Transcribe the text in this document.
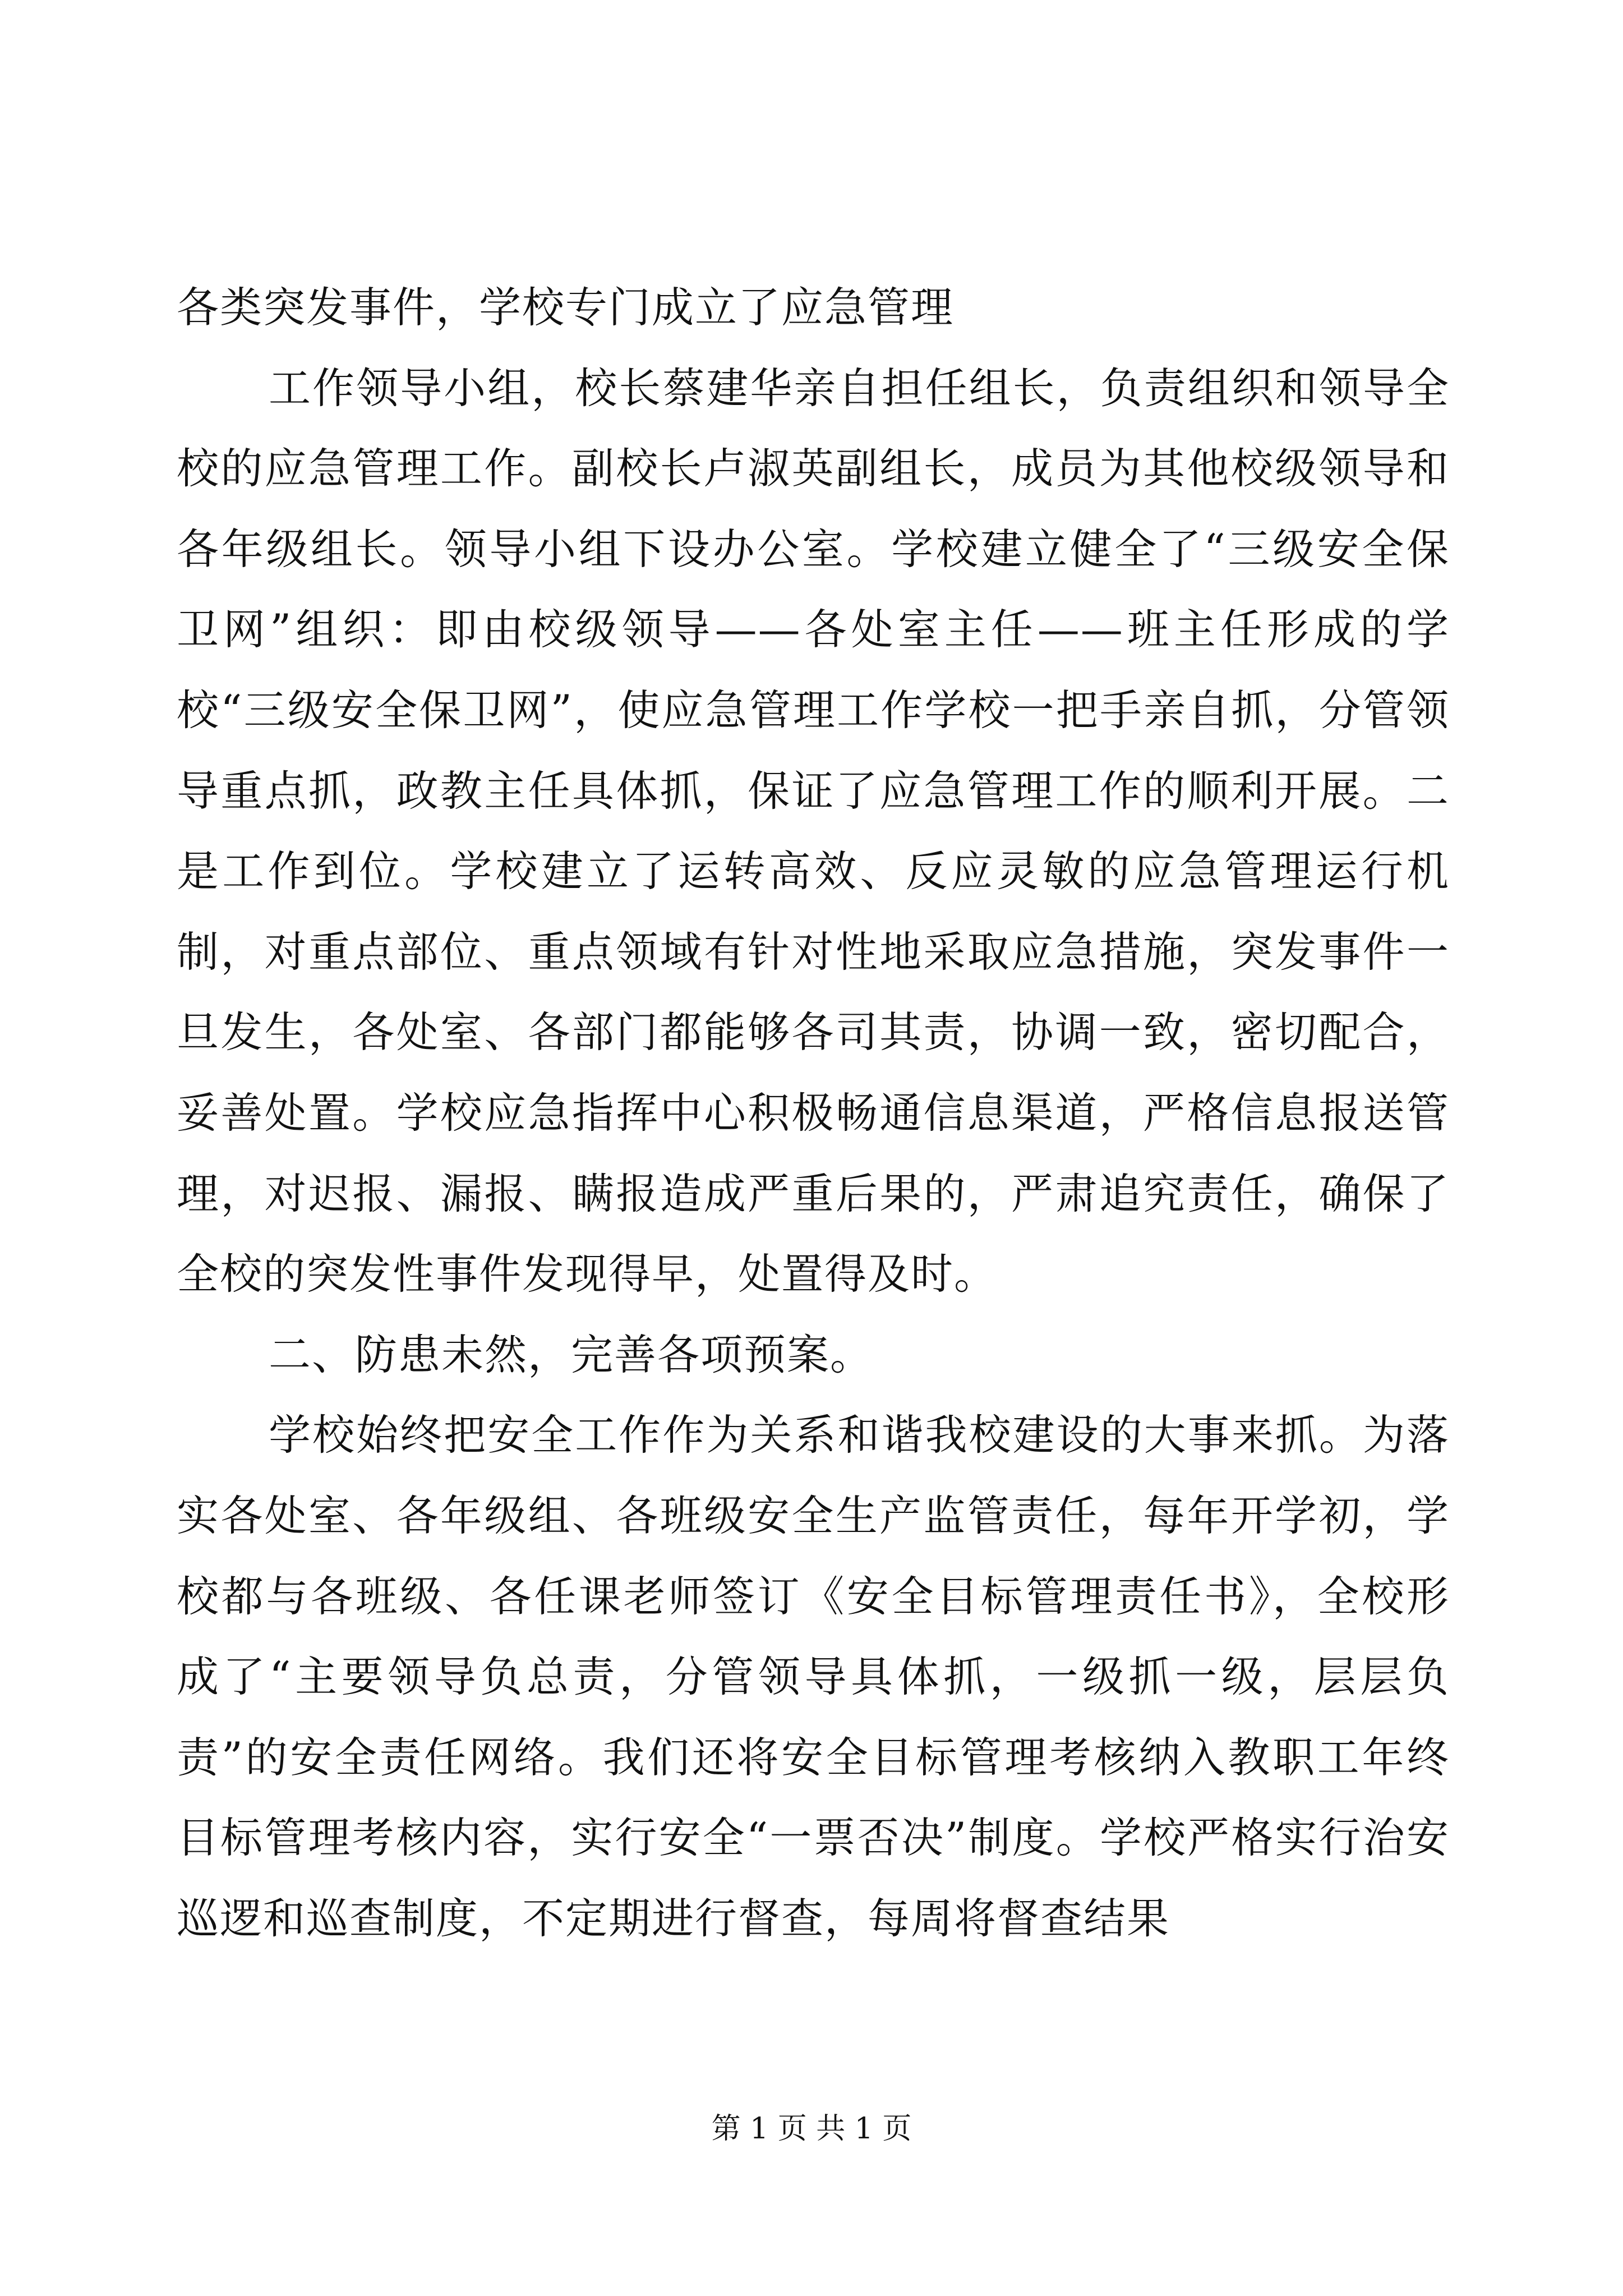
各类突发事件，学校专门成立了应急管理

工作领导小组，校长蔡建华亲自担任组长，负责组织和领导全校的应急管理工作。副校长卢淑英副组长，成员为其他校级领导和各年级组长。领导小组下设办公室。学校建立健全了“三级安全保卫网”组织：即由校级领导——各处室主任——班主任形成的学校“三级安全保卫网”，使应急管理工作学校一把手亲自抓，分管领导重点抓，政教主任具体抓，保证了应急管理工作的顺利开展。二是工作到位。学校建立了运转高效、反应灵敏的应急管理运行机制，对重点部位、重点领域有针对性地采取应急措施，突发事件一旦发生，各处室、各部门都能够各司其责，协调一致，密切配合，妥善处置。学校应急指挥中心积极畅通信息渠道，严格信息报送管理，对迟报、漏报、瞒报造成严重后果的，严肃追究责任，确保了全校的突发性事件发现得早，处置得及时。

二、防患未然，完善各项预案。

学校始终把安全工作作为关系和谐我校建设的大事来抓。为落实各处室、各年级组、各班级安全生产监管责任，每年开学初，学校都与各班级、各任课老师签订《安全目标管理责任书》，全校形成了“主要领导负总责，分管领导具体抓，一级抓一级，层层负责”的安全责任网络。我们还将安全目标管理考核纳入教职工年终目标管理考核内容，实行安全“一票否决”制度。学校严格实行治安巡逻和巡查制度，不定期进行督查，每周将督查结果

第 1 页 共 1 页
